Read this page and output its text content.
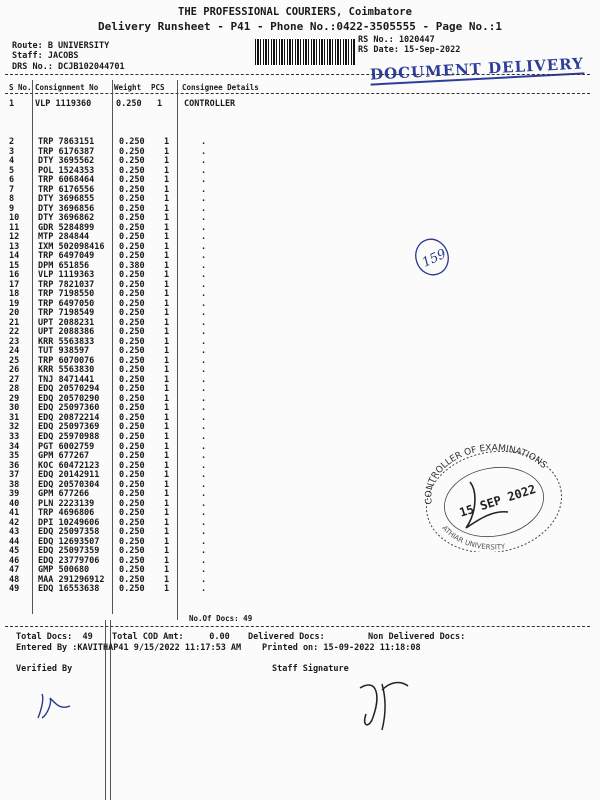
THE PROFESSIONAL COURIERS, Coimbatore
Delivery Runsheet - P41 - Phone No.:0422-3505555 - Page No.:1
Route: B UNIVERSITY
Staff: JACOBS
DRS No.: DCJB102044701
RS No.: 1020447
RS Date: 15-Sep-2022
DOCUMENT DELIVERY
S No. Consignment No Weight PCS Consignee Details
1 VLP 1119360	0.250 1	CONTROLLER
2	TRP 7863151	0.250	1	.
3	TRP 6176387	0.250	1	.
4	DTY 3695562	0.250	1	.
5	POL 1524353	0.250	1	.
6	TRP 6068464	0.250	1	.
7	TRP 6176556	0.250	1	.
8	DTY 3696855	0.250	1	.
9	DTY 3696856	0.250	1	.
10	DTY 3696862	0.250	1	.
11	GDR 5284899	0.250	1	.
12	MTP 284844	0.250	1	.
13	IXM 502098416	0.250	1	.
14	TRP 6497049	0.250	1	.
15	DPM 651856	0.380	1	.
16	VLP 1119363	0.250	1	.
17	TRP 7821037	0.250	1	.
18	TRP 7198550	0.250	1	.
19	TRP 6497050	0.250	1	.
20	TRP 7198549	0.250	1	.
21	UPT 2088231	0.250	1	.
22	UPT 2088386	0.250	1	.
23	KRR 5563833	0.250	1	.
24	TUT 938597	0.250	1	.
25	TRP 6070076	0.250	1	.
26	KRR 5563830	0.250	1	.
27	TNJ 8471441	0.250	1	.
28	EDQ 20570294	0.250	1	.
29	EDQ 20570290	0.250	1	.
30	EDQ 25097360	0.250	1	.
31	EDQ 20872214	0.250	1	.
32	EDQ 25097369	0.250	1	.
33	EDQ 25970988	0.250	1	.
34	PGT 6002759	0.250	1	.
35	GPM 677267	0.250	1	.
36	KOC 60472123	0.250	1	.
37	EDQ 20142911	0.250	1	.
38	EDQ 20570304	0.250	1	.
39	GPM 677266	0.250	1	.
40	PLN 2223139	0.250	1	.
41	TRP 4696806	0.250	1	.
42	DPI 10249606	0.250	1	.
43	EDQ 25097358	0.250	1	.
44	EDQ 12693507	0.250	1	.
45	EDQ 25097359	0.250	1	.
46	EDQ 23779706	0.250	1	.
47	GMP 500680	0.250	1	.
48	MAA 291296912	0.250	1	.
49	EDQ 16553638	0.250	1	.
No.Of Docs: 49
Total Docs:  49 Total COD Amt:     0.00 Delivered Docs:	Non Delivered Docs:
Entered By :KAVITHAP41 9/15/2022 11:17:53 AM Printed on: 15-09-2022 11:18:08
Verified By	Staff Signature
159
CONTROLLER OF EXAMINATIONS
15 SEP 2022
ATHIAR UNIVERSITY
